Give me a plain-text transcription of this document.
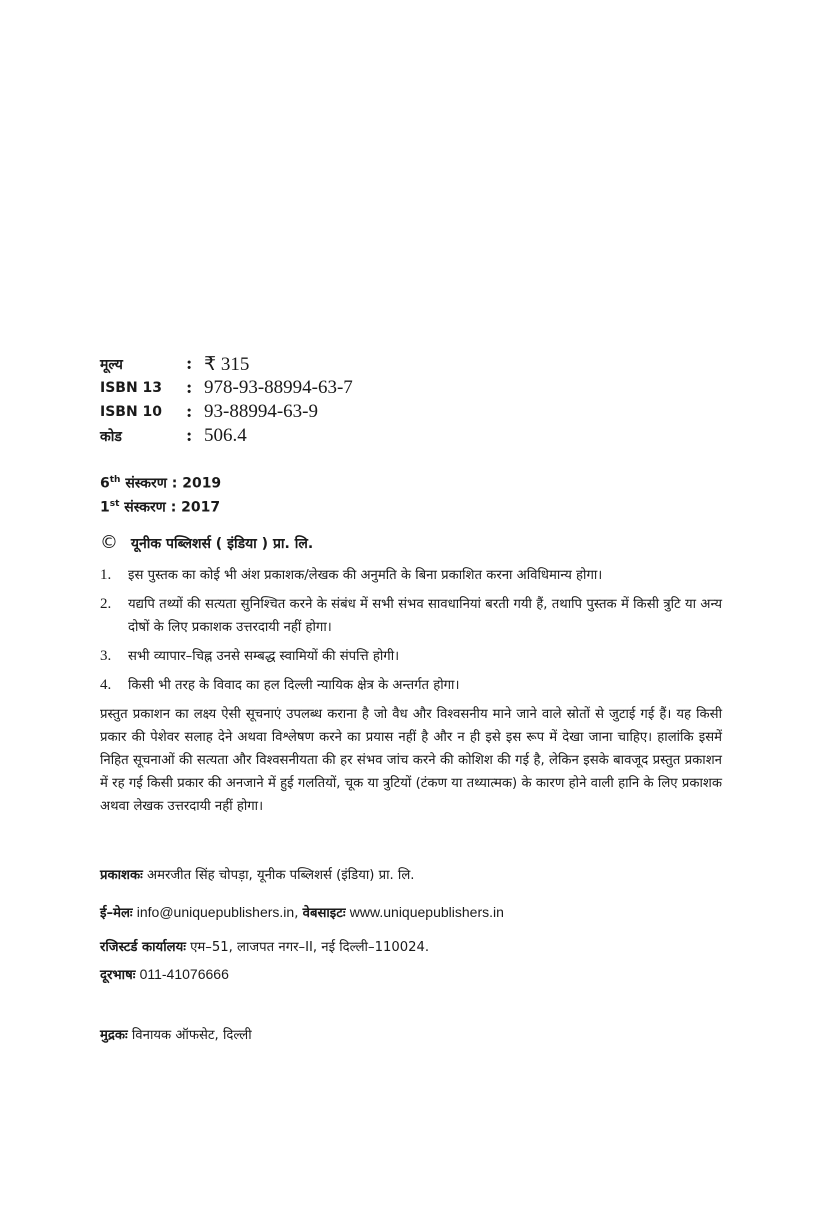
मूल्य	:	₹ 315
ISBN 13	:	978-93-88994-63-7
ISBN 10	:	93-88994-63-9
कोड	:	506.4
6th संस्करण : 2019
1st संस्करण : 2017
© यूनीक पब्लिशर्स ( इंडिया ) प्रा. लि.
1.	इस पुस्तक का कोई भी अंश प्रकाशक/लेखक की अनुमति के बिना प्रकाशित करना अविधिमान्य होगा।
2.	यद्यपि तथ्यों की सत्यता सुनिश्चित करने के संबंध में सभी संभव सावधानियां बरती गयी हैं, तथापि पुस्तक में किसी त्रुटि या अन्य दोषों के लिए प्रकाशक उत्तरदायी नहीं होगा।
3.	सभी व्यापार–चिह्न उनसे सम्बद्ध स्वामियों की संपत्ति होगी।
4.	किसी भी तरह के विवाद का हल दिल्ली न्यायिक क्षेत्र के अन्तर्गत होगा।

प्रस्तुत प्रकाशन का लक्ष्य ऐसी सूचनाएं उपलब्ध कराना है जो वैध और विश्वसनीय माने जाने वाले स्रोतों से जुटाई गई हैं। यह किसी प्रकार की पेशेवर सलाह देने अथवा विश्लेषण करने का प्रयास नहीं है और न ही इसे इस रूप में देखा जाना चाहिए। हालांकि इसमें निहित सूचनाओं की सत्यता और विश्वसनीयता की हर संभव जांच करने की कोशिश की गई है, लेकिन इसके बावजूद प्रस्तुत प्रकाशन में रह गई किसी प्रकार की अनजाने में हुई गलतियों, चूक या त्रुटियों (टंकण या तथ्यात्मक) के कारण होने वाली हानि के लिए प्रकाशक अथवा लेखक उत्तरदायी नहीं होगा।

प्रकाशकः अमरजीत सिंह चोपड़ा, यूनीक पब्लिशर्स (इंडिया) प्रा. लि.
ई–मेलः info@uniquepublishers.in, वेबसाइटः www.uniquepublishers.in
रजिस्टर्ड कार्यालयः एम–51, लाजपत नगर–II, नई दिल्ली–110024.
दूरभाषः 011-41076666
मुद्रकः विनायक ऑफसेट, दिल्ली
